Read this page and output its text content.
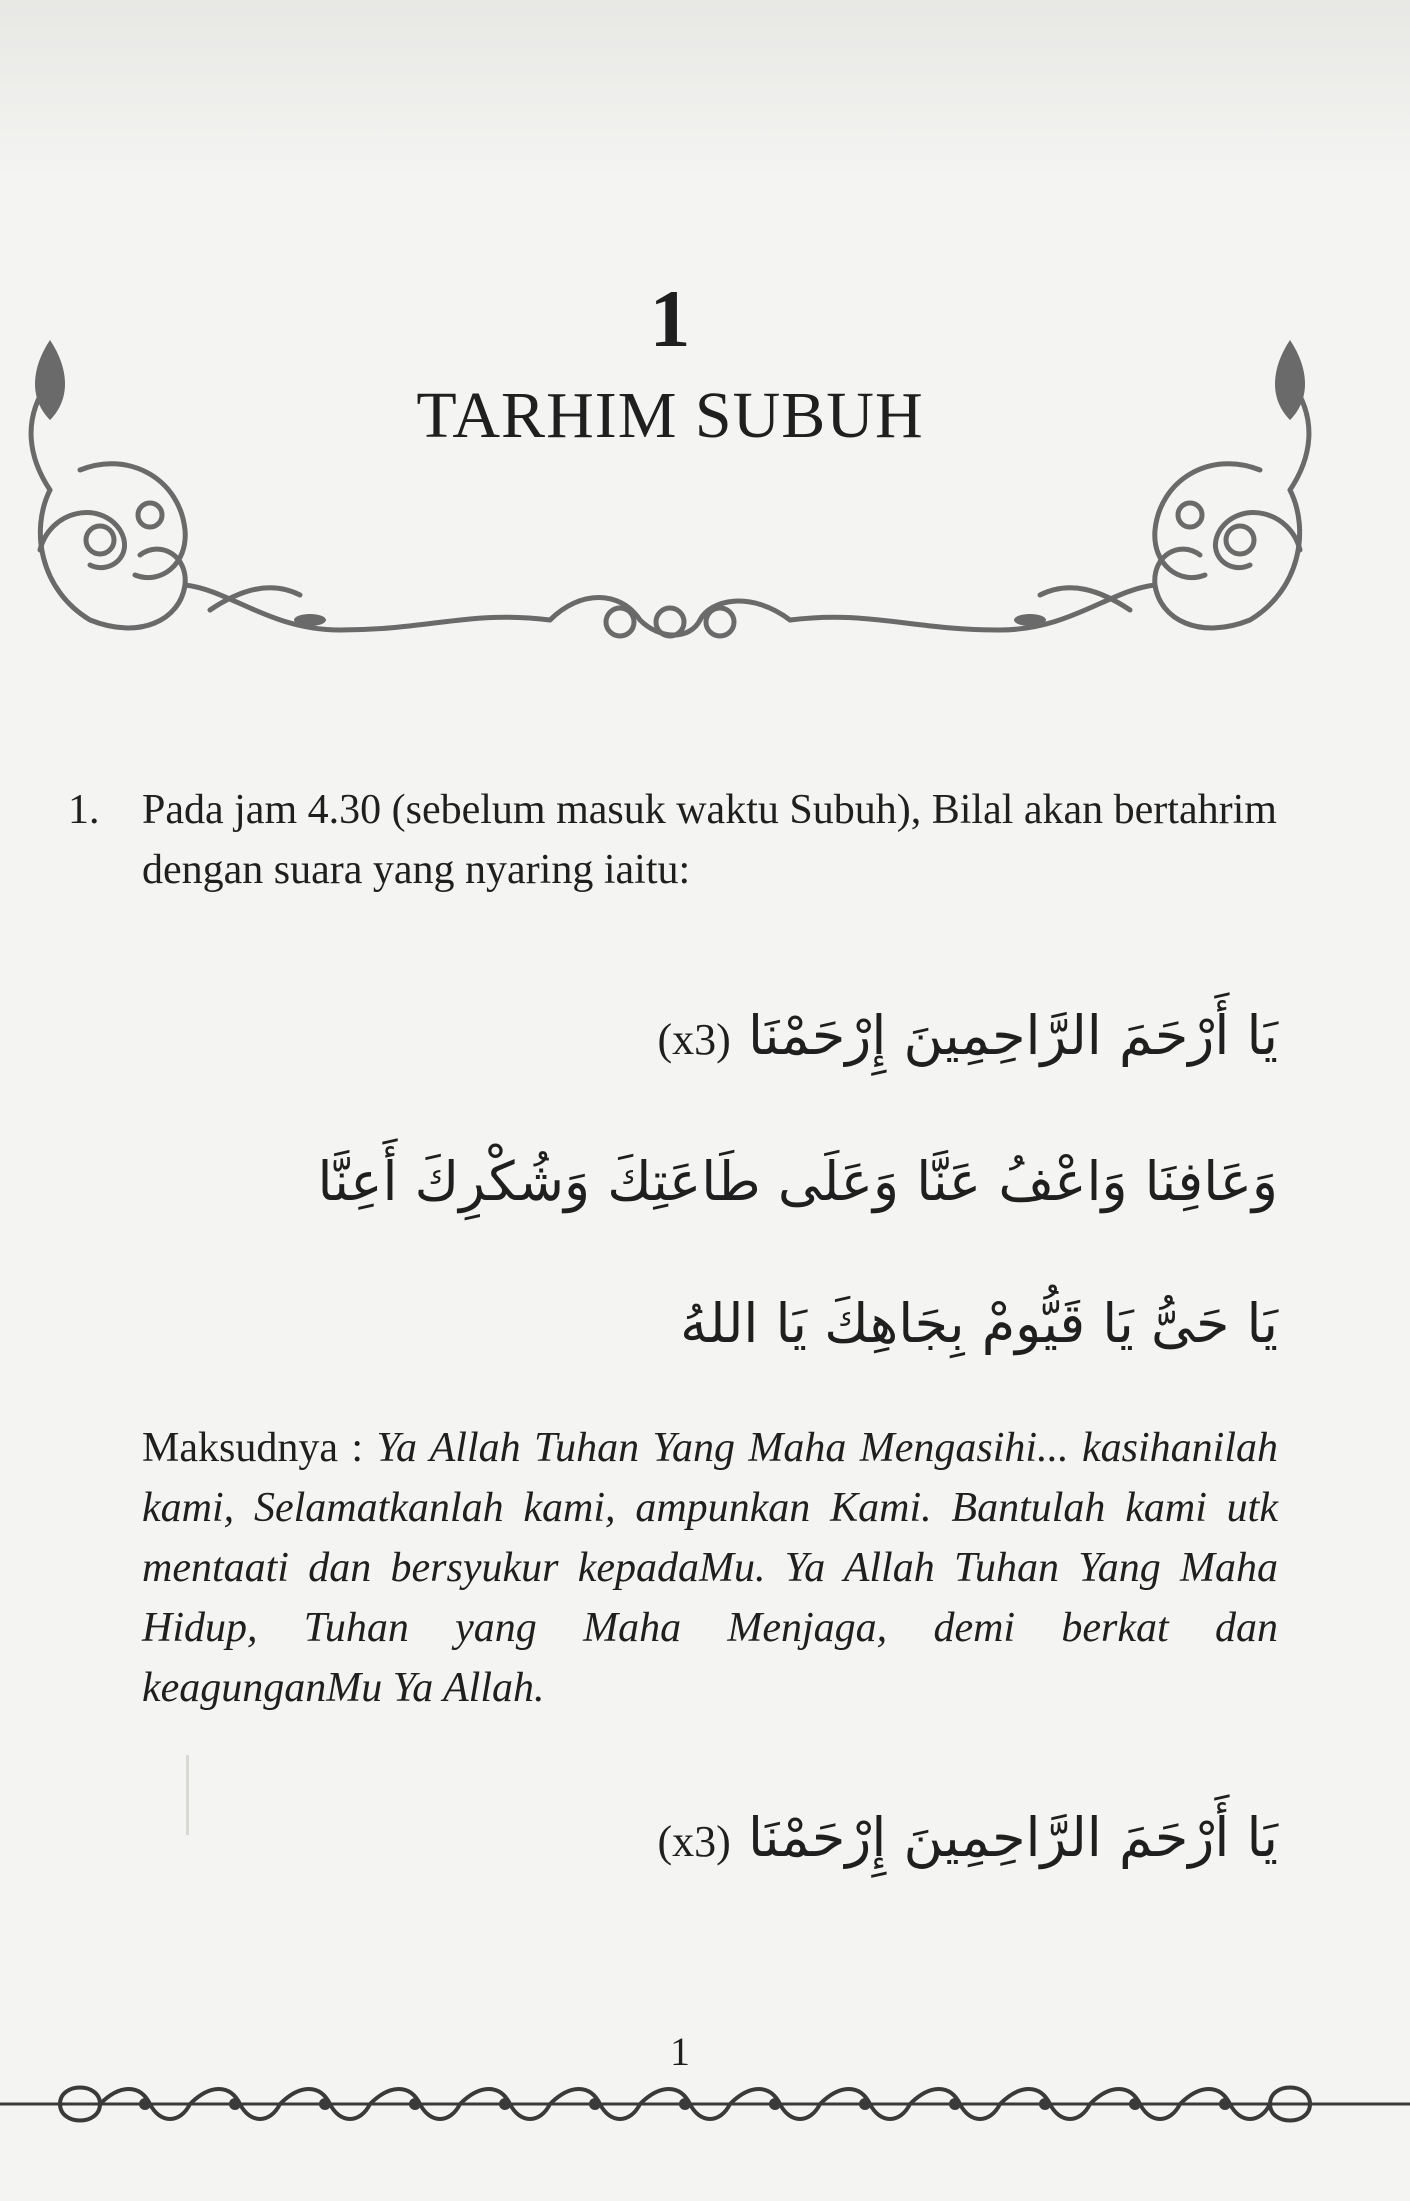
1
TARHIM SUBUH
1.	Pada jam 4.30 (sebelum masuk waktu Subuh), Bilal akan bertahrim dengan suara yang nyaring iaitu:
يَا أَرْحَمَ الرَّاحِمِينَ إِرْحَمْنَا (x3)
وَعَافِنَا وَاعْفُ عَنَّا وَعَلَى طَاعَتِكَ وَشُكْرِكَ أَعِنَّا
يَا حَىُّ يَا قَيُّومْ بِجَاهِكَ يَا اللهُ
Maksudnya : Ya Allah Tuhan Yang Maha Mengasihi... kasihanilah kami, Selamatkanlah kami, ampunkan Kami. Bantulah kami utk mentaati dan bersyukur kepadaMu. Ya Allah Tuhan Yang Maha Hidup, Tuhan yang Maha Menjaga, demi berkat dan keagunganMu Ya Allah.
يَا أَرْحَمَ الرَّاحِمِينَ إِرْحَمْنَا (x3)
1
